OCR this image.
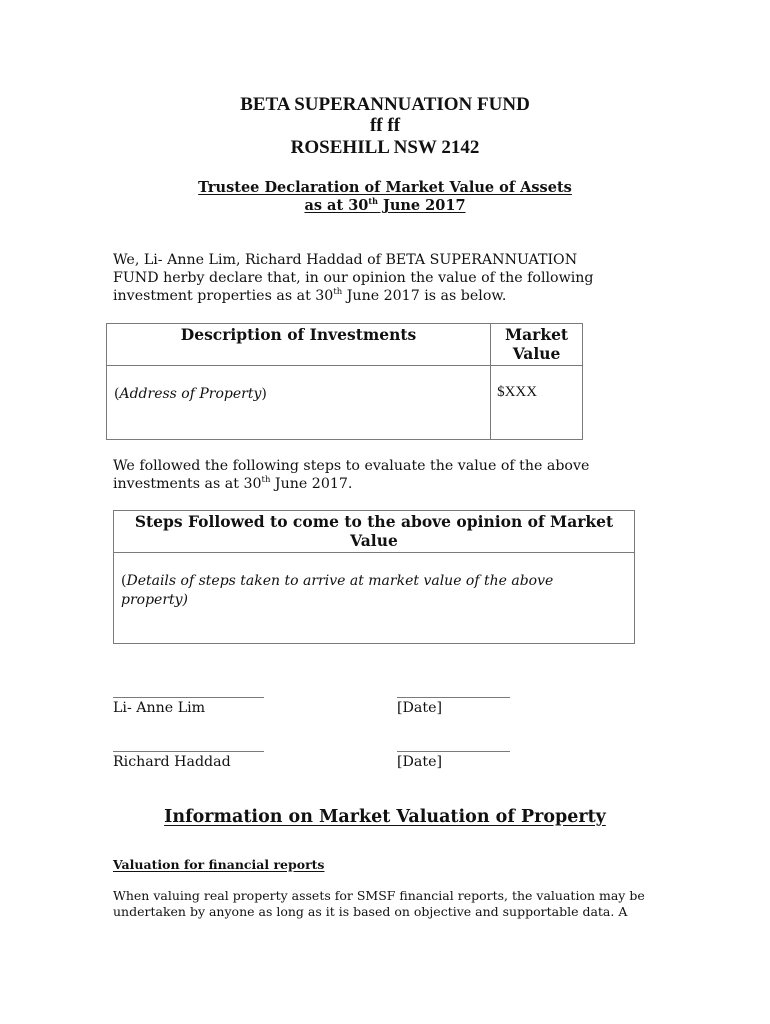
BETA SUPERANNUATION FUND
ff ff
ROSEHILL NSW 2142
Trustee Declaration of Market Value of Assets
as at 30th June 2017
We, Li- Anne Lim, Richard Haddad of BETA SUPERANNUATION
FUND herby declare that, in our opinion the value of the following
investment properties as at 30th June 2017 is as below.
Description of Investments	Market
Value

(Address of Property)	$XXX
We followed the following steps to evaluate the value of the above
investments as at 30th June 2017.
Steps Followed to come to the above opinion of Market
Value

(Details of steps taken to arrive at market value of the above
property)
Li- Anne Lim	[Date]
Richard Haddad	[Date]
Information on Market Valuation of Property
Valuation for financial reports
When valuing real property assets for SMSF financial reports, the valuation may be
undertaken by anyone as long as it is based on objective and supportable data. A
